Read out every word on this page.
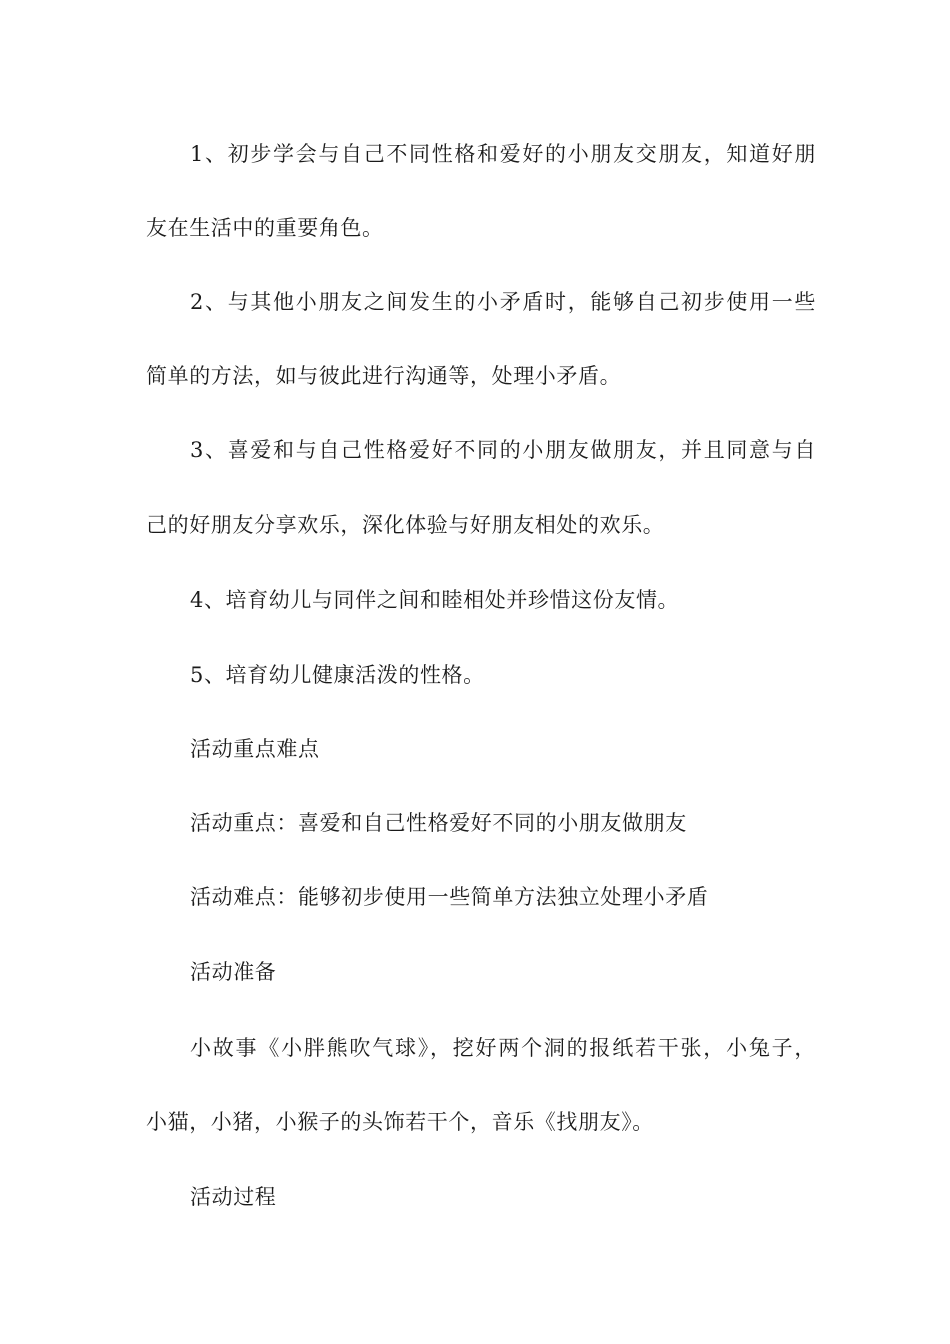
1、初步学会与自己不同性格和爱好的小朋友交朋友，知道好朋
友在生活中的重要角色。
2、与其他小朋友之间发生的小矛盾时，能够自己初步使用一些
简单的方法，如与彼此进行沟通等，处理小矛盾。
3、喜爱和与自己性格爱好不同的小朋友做朋友，并且同意与自
己的好朋友分享欢乐，深化体验与好朋友相处的欢乐。
4、培育幼儿与同伴之间和睦相处并珍惜这份友情。
5、培育幼儿健康活泼的性格。
活动重点难点
活动重点：喜爱和自己性格爱好不同的小朋友做朋友
活动难点：能够初步使用一些简单方法独立处理小矛盾
活动准备
小故事《小胖熊吹气球》，挖好两个洞的报纸若干张，小兔子，
小猫，小猪，小猴子的头饰若干个，音乐《找朋友》。
活动过程
